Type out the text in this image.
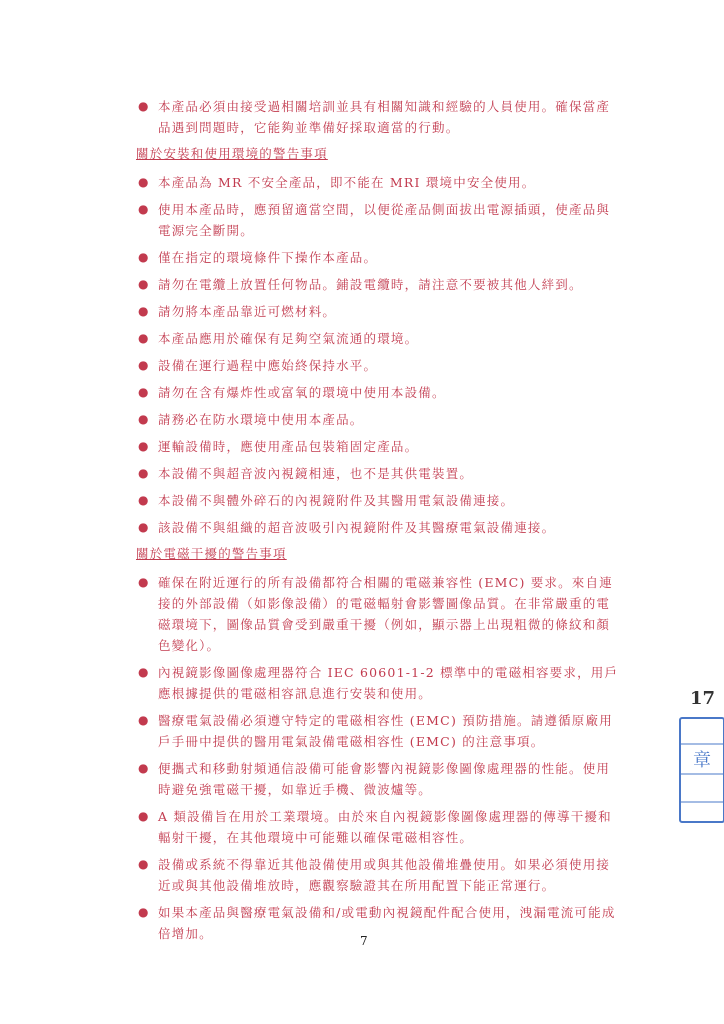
● 本產品必須由接受過相關培訓並具有相關知識和經驗的人員使用。確保當產品遇到問題時，它能夠並準備好採取適當的行動。
關於安裝和使用環境的警告事項
● 本產品為 MR 不安全產品，即不能在 MRI 環境中安全使用。
● 使用本產品時，應預留適當空間，以便從產品側面拔出電源插頭，使產品與電源完全斷開。
● 僅在指定的環境條件下操作本產品。
● 請勿在電纜上放置任何物品。鋪設電纜時，請注意不要被其他人絆到。
● 請勿將本產品靠近可燃材料。
● 本產品應用於確保有足夠空氣流通的環境。
● 設備在運行過程中應始終保持水平。
● 請勿在含有爆炸性或富氧的環境中使用本設備。
● 請務必在防水環境中使用本產品。
● 運輸設備時，應使用產品包裝箱固定產品。
● 本設備不與超音波內視鏡相連，也不是其供電裝置。
● 本設備不與體外碎石的內視鏡附件及其醫用電氣設備連接。
● 該設備不與組織的超音波吸引內視鏡附件及其醫療電氣設備連接。
關於電磁干擾的警告事項
● 確保在附近運行的所有設備都符合相關的電磁兼容性 (EMC) 要求。來自連接的外部設備（如影像設備）的電磁輻射會影響圖像品質。在非常嚴重的電磁環境下，圖像品質會受到嚴重干擾（例如，顯示器上出現粗微的條紋和顏色變化）。
● 內視鏡影像圖像處理器符合 IEC 60601-1-2 標準中的電磁相容要求，用戶應根據提供的電磁相容訊息進行安裝和使用。
● 醫療電氣設備必須遵守特定的電磁相容性 (EMC) 預防措施。請遵循原廠用戶手冊中提供的醫用電氣設備電磁相容性 (EMC) 的注意事項。
● 便攜式和移動射頻通信設備可能會影響內視鏡影像圖像處理器的性能。使用時避免強電磁干擾，如靠近手機、微波爐等。
● A 類設備旨在用於工業環境。由於來自內視鏡影像圖像處理器的傳導干擾和輻射干擾，在其他環境中可能難以確保電磁相容性。
● 設備或系統不得靠近其他設備使用或與其他設備堆疊使用。如果必須使用接近或與其他設備堆放時，應觀察驗證其在所用配置下能正常運行。
● 如果本產品與醫療電氣設備和/或電動內視鏡配件配合使用，洩漏電流可能成倍增加。	7
17
章
